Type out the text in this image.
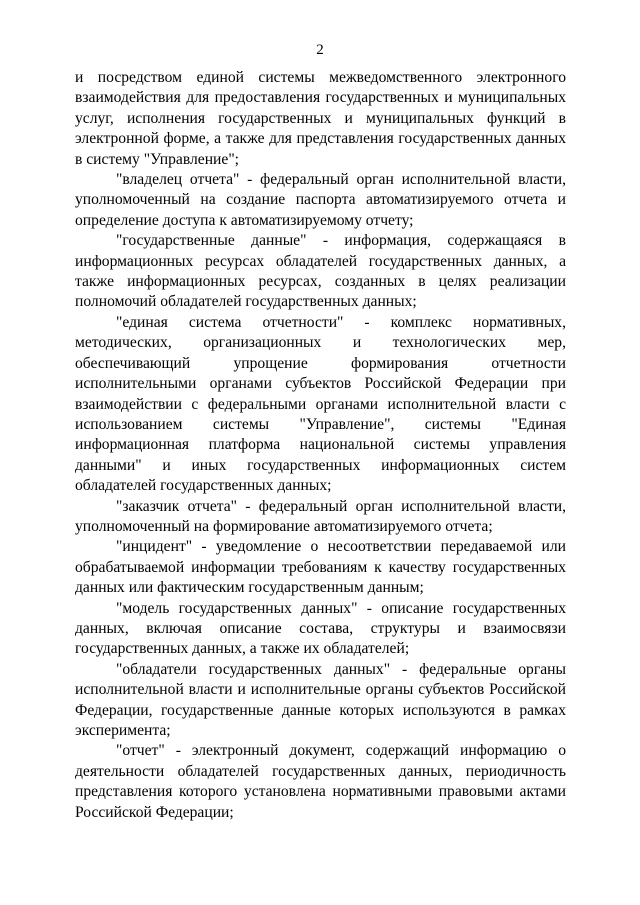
2

и посредством единой системы межведомственного электронного взаимодействия для предоставления государственных и муниципальных услуг, исполнения государственных и муниципальных функций в электронной форме, а также для представления государственных данных в систему "Управление";

"владелец отчета" - федеральный орган исполнительной власти, уполномоченный на создание паспорта автоматизируемого отчета и определение доступа к автоматизируемому отчету;

"государственные данные" - информация, содержащаяся в информационных ресурсах обладателей государственных данных, а также информационных ресурсах, созданных в целях реализации полномочий обладателей государственных данных;

"единая система отчетности" - комплекс нормативных, методических, организационных и технологических мер, обеспечивающий упрощение формирования отчетности исполнительными органами субъектов Российской Федерации при взаимодействии с федеральными органами исполнительной власти с использованием системы "Управление", системы "Единая информационная платформа национальной системы управления данными" и иных государственных информационных систем обладателей государственных данных;

"заказчик отчета" - федеральный орган исполнительной власти, уполномоченный на формирование автоматизируемого отчета;

"инцидент" - уведомление о несоответствии передаваемой или обрабатываемой информации требованиям к качеству государственных данных или фактическим государственным данным;

"модель государственных данных" - описание государственных данных, включая описание состава, структуры и взаимосвязи государственных данных, а также их обладателей;

"обладатели государственных данных" - федеральные органы исполнительной власти и исполнительные органы субъектов Российской Федерации, государственные данные которых используются в рамках эксперимента;

"отчет" - электронный документ, содержащий информацию о деятельности обладателей государственных данных, периодичность представления которого установлена нормативными правовыми актами Российской Федерации;
